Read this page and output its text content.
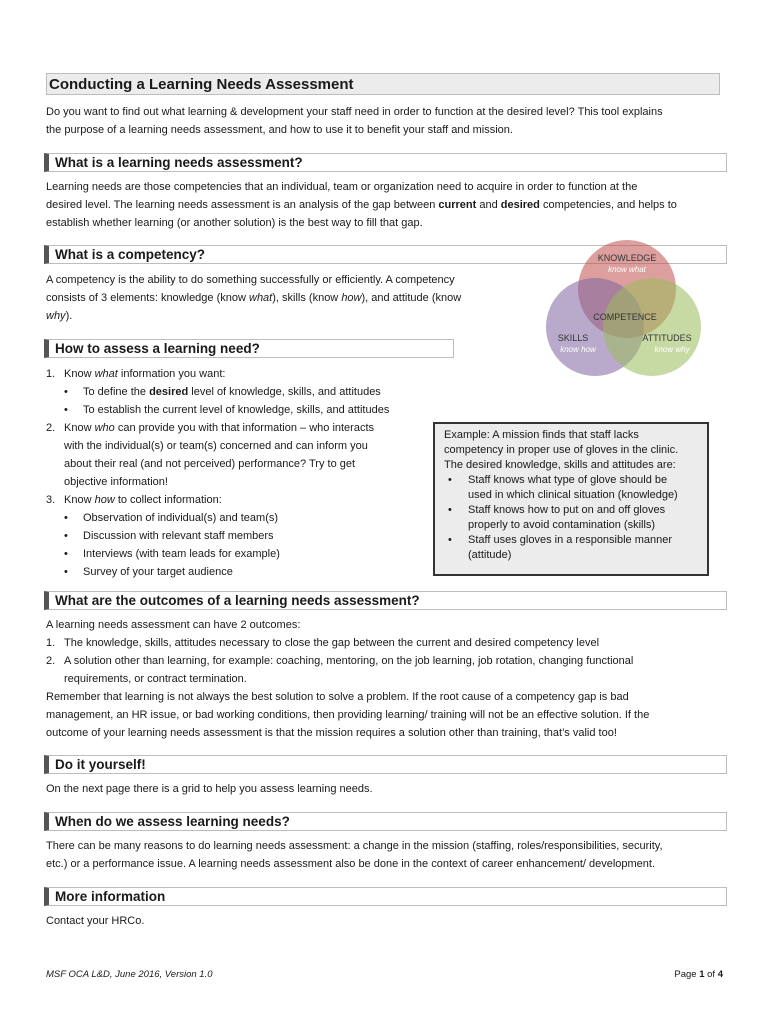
Conducting a Learning Needs Assessment

Do you want to find out what learning & development your staff need in order to function at the desired level? This tool explains
the purpose of a learning needs assessment, and how to use it to benefit your staff and mission.

What is a learning needs assessment?

Learning needs are those competencies that an individual, team or organization need to acquire in order to function at the
desired level. The learning needs assessment is an analysis of the gap between current and desired competencies, and helps to
establish whether learning (or another solution) is the best way to fill that gap.

What is a competency?

A competency is the ability to do something successfully or efficiently. A competency
consists of 3 elements: knowledge (know what), skills (know how), and attitude (know
why).

KNOWLEDGE
know what
COMPETENCE
SKILLS
know how
ATTITUDES
know why
How to assess a learning need?
1. Know what information you want:
• To define the desired level of knowledge, skills, and attitudes
• To establish the current level of knowledge, skills, and attitudes
2. Know who can provide you with that information – who interacts
with the individual(s) or team(s) concerned and can inform you
about their real (and not perceived) performance? Try to get
objective information!
3. Know how to collect information:
• Observation of individual(s) and team(s)
• Discussion with relevant staff members
• Interviews (with team leads for example)
• Survey of your target audience
Example: A mission finds that staff lacks
competency in proper use of gloves in the clinic.
The desired knowledge, skills and attitudes are:
• Staff knows what type of glove should be
used in which clinical situation (knowledge)
• Staff knows how to put on and off gloves
properly to avoid contamination (skills)
• Staff uses gloves in a responsible manner
(attitude)
What are the outcomes of a learning needs assessment?
A learning needs assessment can have 2 outcomes:
1. The knowledge, skills, attitudes necessary to close the gap between the current and desired competency level
2. A solution other than learning, for example: coaching, mentoring, on the job learning, job rotation, changing functional
requirements, or contract termination.
Remember that learning is not always the best solution to solve a problem. If the root cause of a competency gap is bad
management, an HR issue, or bad working conditions, then providing learning/ training will not be an effective solution. If the
outcome of your learning needs assessment is that the mission requires a solution other than training, that’s valid too!
Do it yourself!

On the next page there is a grid to help you assess learning needs.

When do we assess learning needs?

There can be many reasons to do learning needs assessment: a change in the mission (staffing, roles/responsibilities, security,
etc.) or a performance issue. A learning needs assessment also be done in the context of career enhancement/ development.

More information

Contact your HRCo.

MSF OCA L&D, June 2016, Version 1.0	Page 1 of 4
